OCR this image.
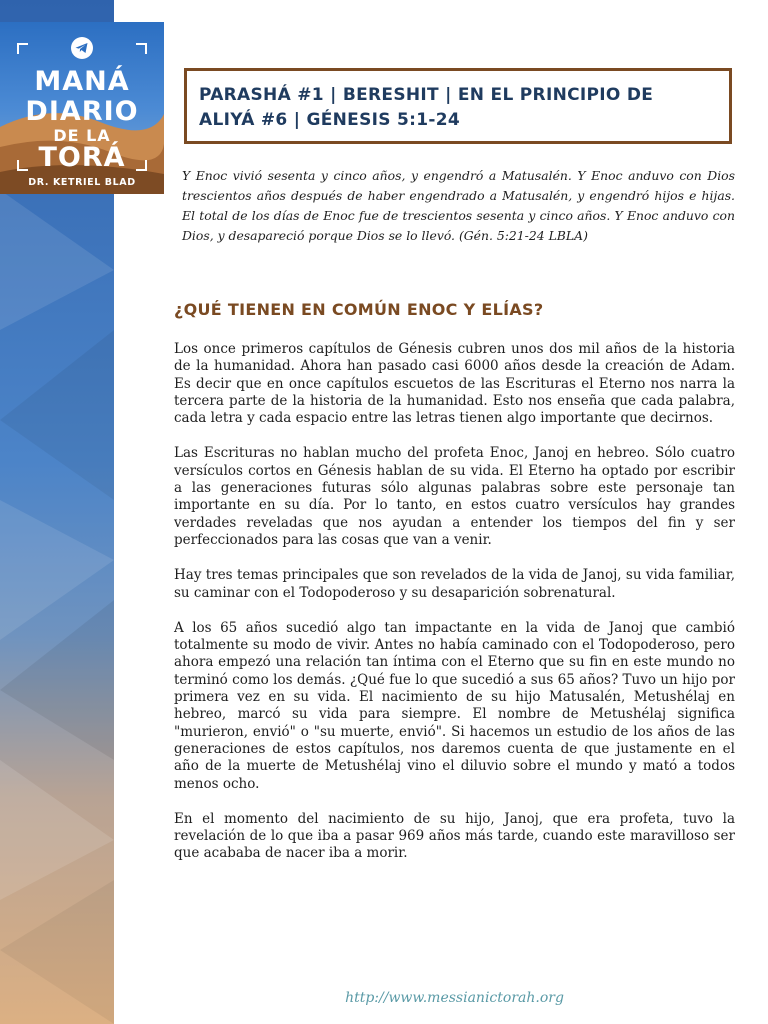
MANÁ
DIARIO
DE LA
TORÁ
DR. KETRIEL BLAD
PARASHÁ #1 | BERESHIT | EN EL PRINCIPIO DE
ALIYÁ #6 | GÉNESIS 5:1-24

Y Enoc vivió sesenta y cinco años, y engendró a Matusalén. Y Enoc anduvo con Dios trescientos años después de haber engendrado a Matusalén, y engendró hijos e hijas. El total de los días de Enoc fue de trescientos sesenta y cinco años. Y Enoc anduvo con Dios, y desapareció porque Dios se lo llevó. (Gén. 5:21-24 LBLA)

¿QUÉ TIENEN EN COMÚN ENOC Y ELÍAS?

Los once primeros capítulos de Génesis cubren unos dos mil años de la historia de la humanidad. Ahora han pasado casi 6000 años desde la creación de Adam. Es decir que en once capítulos escuetos de las Escrituras el Eterno nos narra la tercera parte de la historia de la humanidad. Esto nos enseña que cada palabra, cada letra y cada espacio entre las letras tienen algo importante que decirnos.

Las Escrituras no hablan mucho del profeta Enoc, Janoj en hebreo. Sólo cuatro versículos cortos en Génesis hablan de su vida. El Eterno ha optado por escribir a las generaciones futuras sólo algunas palabras sobre este personaje tan importante en su día. Por lo tanto, en estos cuatro versículos hay grandes verdades reveladas que nos ayudan a entender los tiempos del fin y ser perfeccionados para las cosas que van a venir.

Hay tres temas principales que son revelados de la vida de Janoj, su vida familiar, su caminar con el Todopoderoso y su desaparición sobrenatural.

A los 65 años sucedió algo tan impactante en la vida de Janoj que cambió totalmente su modo de vivir. Antes no había caminado con el Todopoderoso, pero ahora empezó una relación tan íntima con el Eterno que su fin en este mundo no terminó como los demás. ¿Qué fue lo que sucedió a sus 65 años? Tuvo un hijo por primera vez en su vida. El nacimiento de su hijo Matusalén, Metushélaj en hebreo, marcó su vida para siempre. El nombre de Metushélaj significa "murieron, envió" o "su muerte, envió". Si hacemos un estudio de los años de las generaciones de estos capítulos, nos daremos cuenta de que justamente en el año de la muerte de Metushélaj vino el diluvio sobre el mundo y mató a todos menos ocho.

En el momento del nacimiento de su hijo, Janoj, que era profeta, tuvo la revelación de lo que iba a pasar 969 años más tarde, cuando este maravilloso ser que acababa de nacer iba a morir.

http://www.messianictorah.org
